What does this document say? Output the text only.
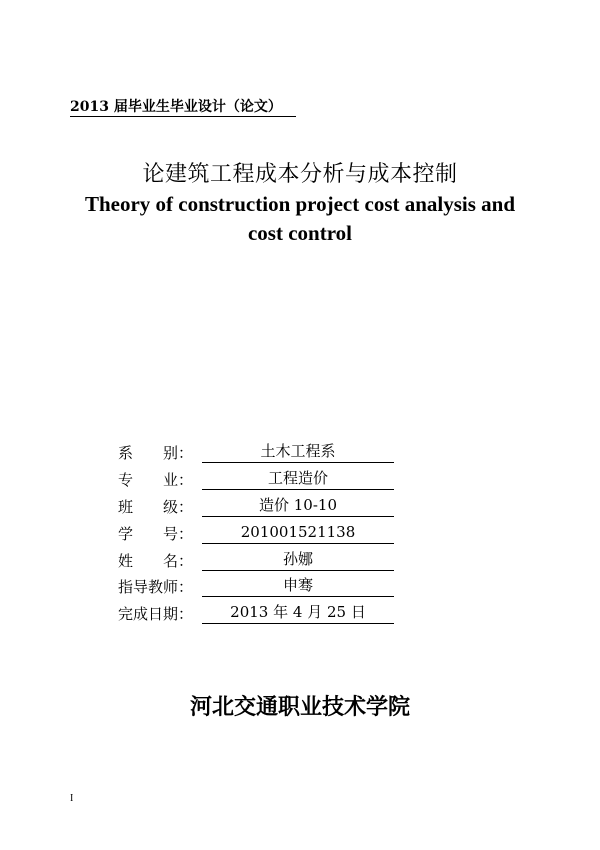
2013 届毕业生毕业设计（论文）
论建筑工程成本分析与成本控制
Theory of construction project cost analysis and
cost control
系　　别：	土木工程系
专　　业：	工程造价
班　　级：	造价 10-10
学　　号：	201001521138
姓　　名：	孙娜
指导教师：	申骞
完成日期：	2013 年 4 月 25 日
河北交通职业技术学院
I
